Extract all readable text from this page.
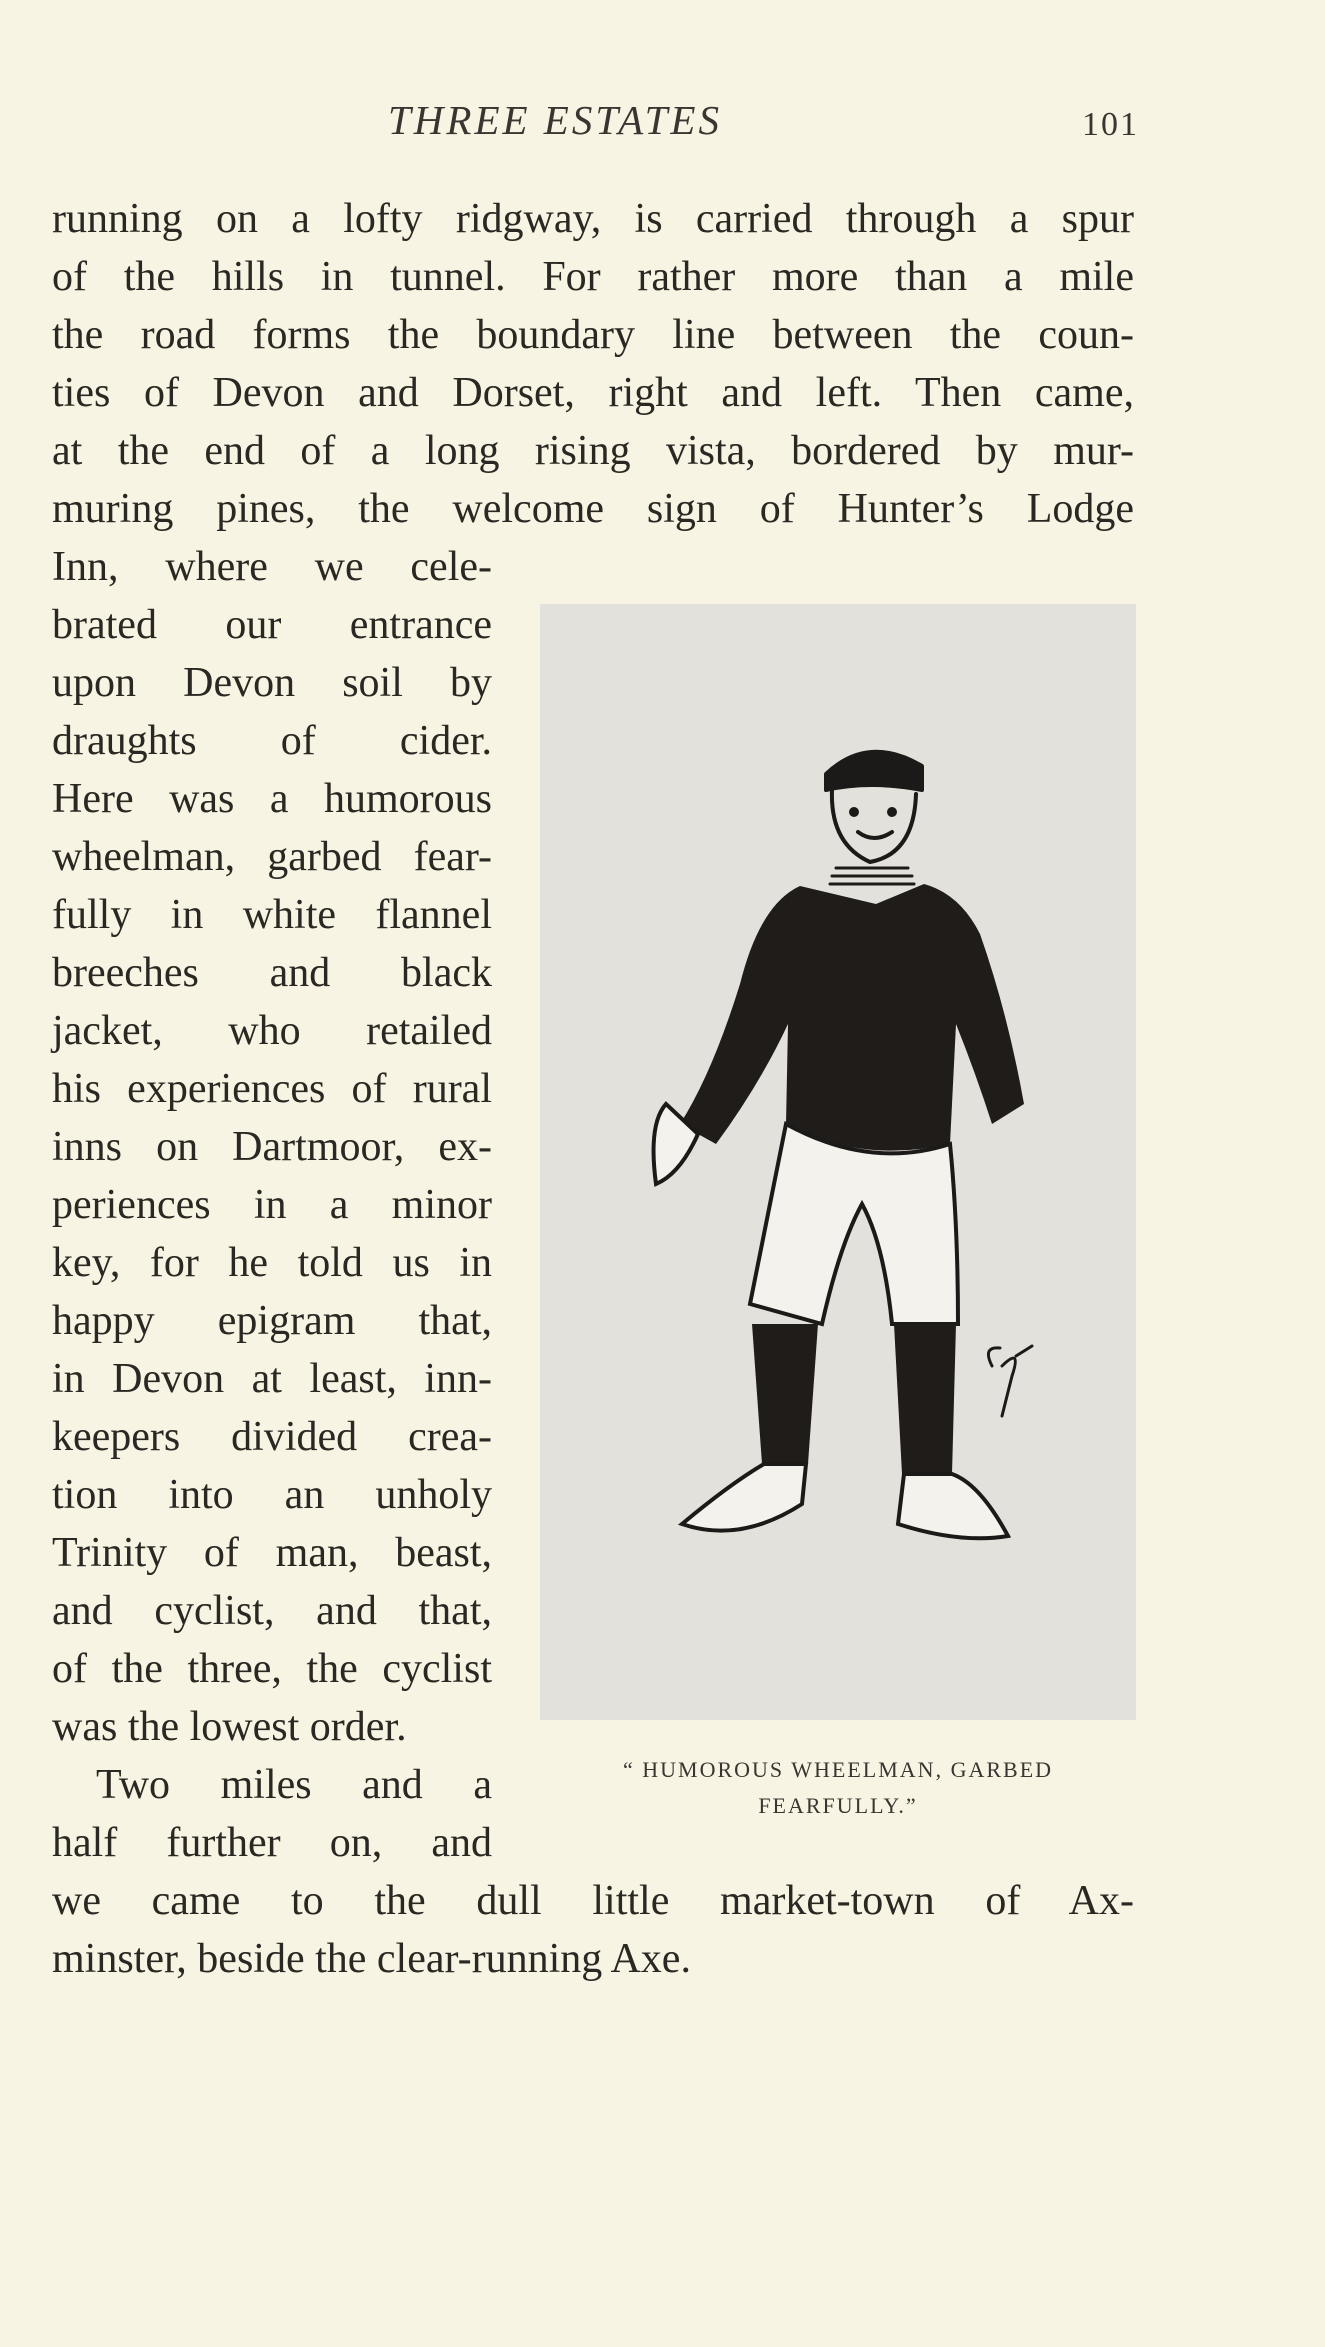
THREE ESTATES	101
running on a lofty ridgway, is carried through a spur
of the hills in tunnel. For rather more than a mile
the road forms the boundary line between the coun-
ties of Devon and Dorset, right and left. Then came,
at the end of a long rising vista, bordered by mur-
muring pines, the welcome sign of Hunter’s Lodge
Inn, where we cele-
brated our entrance
upon Devon soil by
draughts of cider.
Here was a humorous
wheelman, garbed fear-
fully in white flannel
breeches and black
jacket, who retailed
his experiences of rural
inns on Dartmoor, ex-
periences in a minor
key, for he told us in
happy epigram that,
in Devon at least, inn-
keepers divided crea-
tion into an unholy
Trinity of man, beast,
and cyclist, and that,
of the three, the cyclist
was the lowest order.
Two miles and a
half further on, and
we came to the dull little market-town of Ax-
minster, beside the clear-running Axe.
“ HUMOROUS WHEELMAN, GARBED
FEARFULLY.”
